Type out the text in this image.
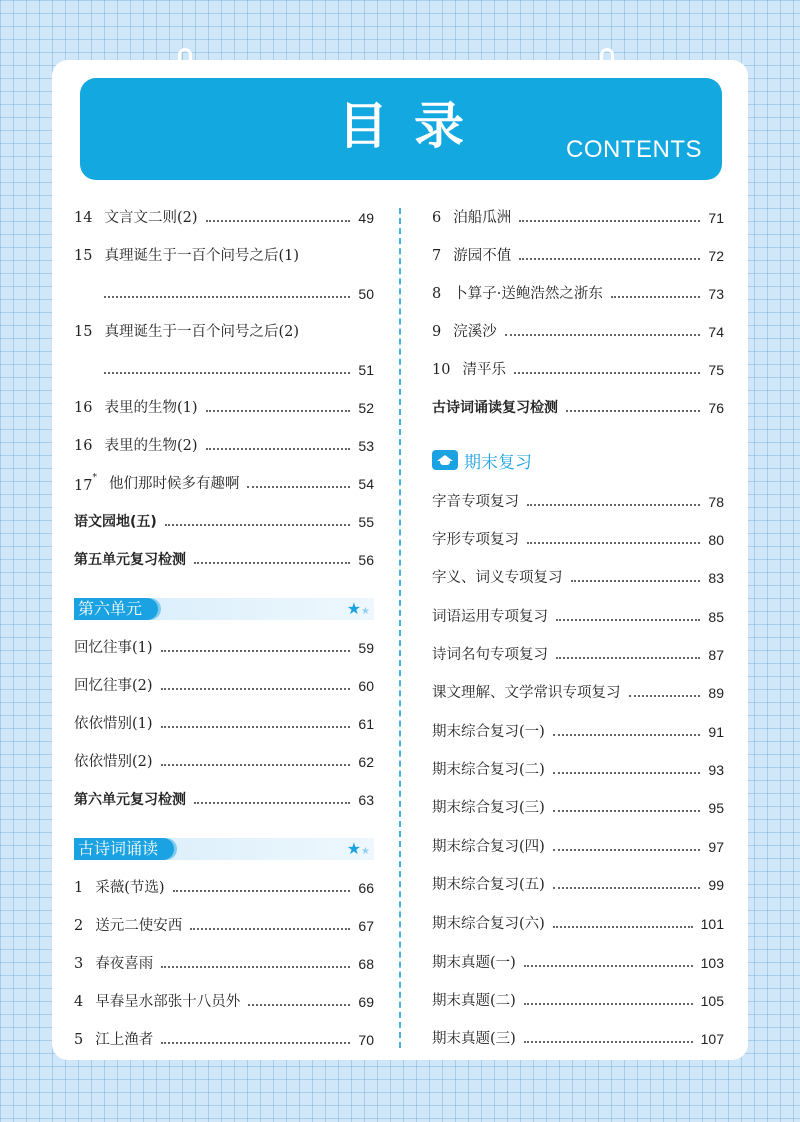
目录	CONTENTS
14 文言文二则(2)	49
15 真理诞生于一百个问号之后(1)
50
15 真理诞生于一百个问号之后(2)
51
16 表里的生物(1)	52
16 表里的生物(2)	53
17* 他们那时候多有趣啊	54
语文园地(五)	55
第五单元复习检测	56
第六单元	★★
回忆往事(1)	59
回忆往事(2)	60
依依惜别(1)	61
依依惜别(2)	62
第六单元复习检测	63
古诗词诵读	★★
1 采薇(节选)	66
2 送元二使安西	67
3 春夜喜雨	68
4 早春呈水部张十八员外	69
5 江上渔者	70
6 泊船瓜洲	71
7 游园不值	72
8 卜算子·送鲍浩然之浙东	73
9 浣溪沙	74
10 清平乐	75
古诗词诵读复习检测	76
期末复习
字音专项复习	78
字形专项复习	80
字义、词义专项复习	83
词语运用专项复习	85
诗词名句专项复习	87
课文理解、文学常识专项复习	89
期末综合复习(一)	91
期末综合复习(二)	93
期末综合复习(三)	95
期末综合复习(四)	97
期末综合复习(五)	99
期末综合复习(六)	101
期末真题(一)	103
期末真题(二)	105
期末真题(三)	107
